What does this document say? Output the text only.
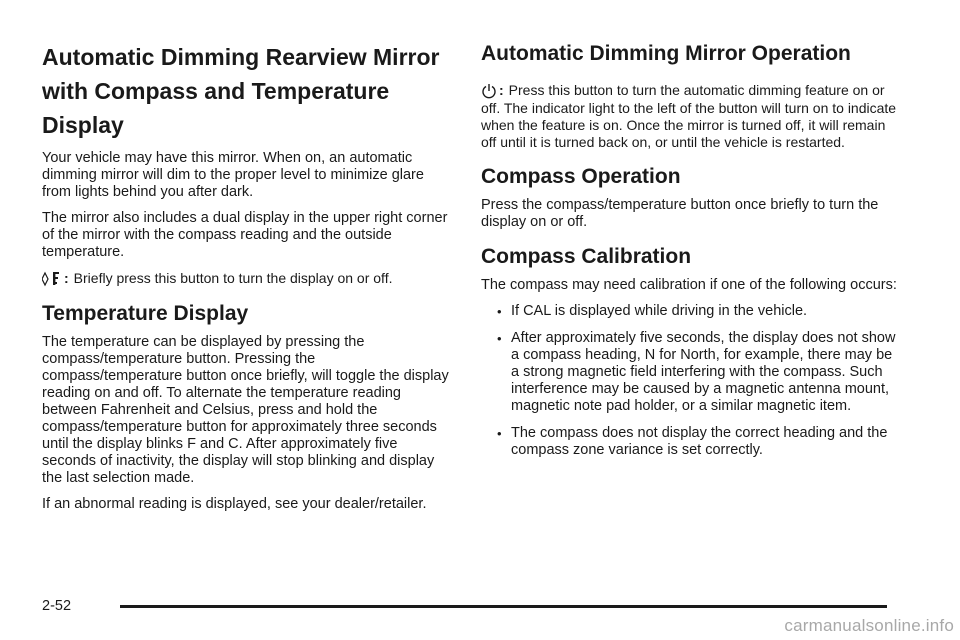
Automatic Dimming Rearview Mirror with Compass and Temperature Display

Your vehicle may have this mirror. When on, an automatic dimming mirror will dim to the proper level to minimize glare from lights behind you after dark.

The mirror also includes a dual display in the upper right corner of the mirror with the compass reading and the outside temperature.

: Briefly press this button to turn the display on or off.

Temperature Display

The temperature can be displayed by pressing the compass/temperature button. Pressing the compass/temperature button once briefly, will toggle the display reading on and off. To alternate the temperature reading between Fahrenheit and Celsius, press and hold the compass/temperature button for approximately three seconds until the display blinks F and C. After approximately five seconds of inactivity, the display will stop blinking and display the last selection made.

If an abnormal reading is displayed, see your dealer/retailer.

Automatic Dimming Mirror Operation

: Press this button to turn the automatic dimming feature on or off. The indicator light to the left of the button will turn on to indicate when the feature is on. Once the mirror is turned off, it will remain off until it is turned back on, or until the vehicle is restarted.

Compass Operation

Press the compass/temperature button once briefly to turn the display on or off.

Compass Calibration

The compass may need calibration if one of the following occurs:

• If CAL is displayed while driving in the vehicle.
• After approximately five seconds, the display does not show a compass heading, N for North, for example, there may be a strong magnetic field interfering with the compass. Such interference may be caused by a magnetic antenna mount, magnetic note pad holder, or a similar magnetic item.
• The compass does not display the correct heading and the compass zone variance is set correctly.
2-52
carmanualsonline.info
